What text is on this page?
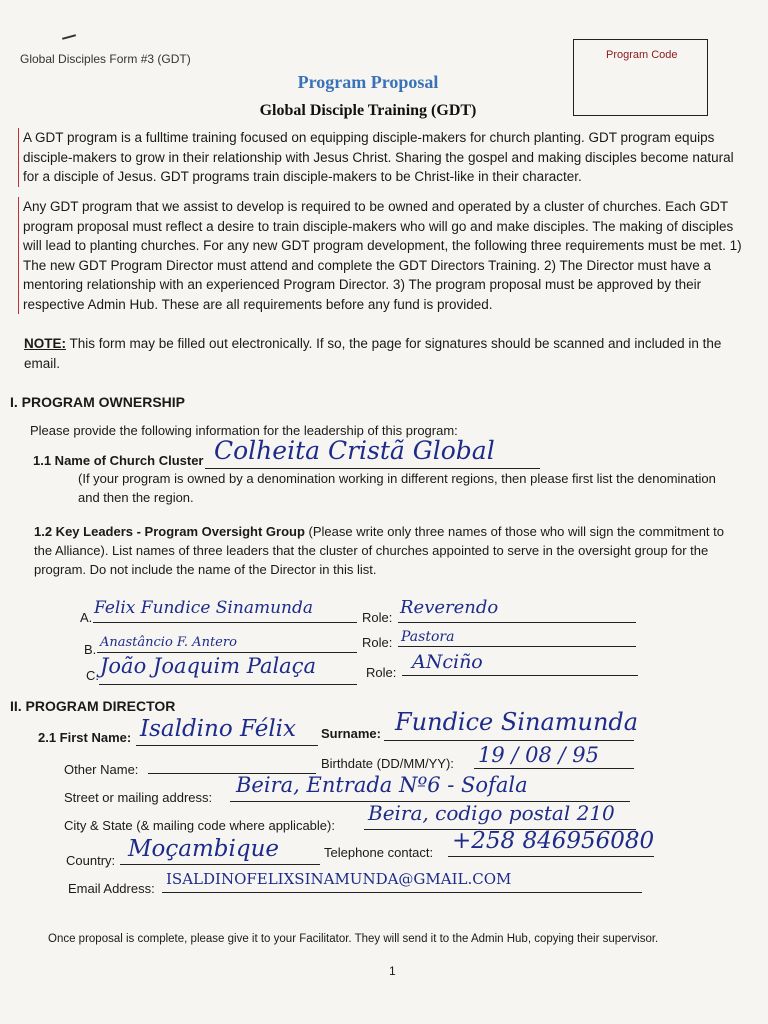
Global Disciples Form #3 (GDT)	Program Code
Program Proposal
Global Disciple Training (GDT)

A GDT program is a fulltime training focused on equipping disciple-makers for church planting. GDT program equips disciple-makers to grow in their relationship with Jesus Christ. Sharing the gospel and making disciples become natural for a disciple of Jesus. GDT programs train disciple-makers to be Christ-like in their character.

Any GDT program that we assist to develop is required to be owned and operated by a cluster of churches. Each GDT program proposal must reflect a desire to train disciple-makers who will go and make disciples. The making of disciples will lead to planting churches. For any new GDT program development, the following three requirements must be met. 1) The new GDT Program Director must attend and complete the GDT Directors Training. 2) The Director must have a mentoring relationship with an experienced Program Director. 3) The program proposal must be approved by their respective Admin Hub. These are all requirements before any fund is provided.

NOTE: This form may be filled out electronically. If so, the page for signatures should be scanned and included in the email.

I. PROGRAM OWNERSHIP
Please provide the following information for the leadership of this program:
1.1 Name of Church Cluster Colheita Cristã Global
(If your program is owned by a denomination working in different regions, then please first list the denomination and then the region.
1.2 Key Leaders - Program Oversight Group (Please write only three names of those who will sign the commitment to the Alliance). List names of three leaders that the cluster of churches appointed to serve in the oversight group for the program. Do not include the name of the Director in this list.
A. Felix Fundice Sinamunda	Role: Reverendo
B. Anastâncio F. Antero	Role: Pastora
C. João Joaquim Palaça	Role: ANciño
II. PROGRAM DIRECTOR
2.1 First Name: Isaldino Félix Surname: Fundice Sinamunda
Other Name:	Birthdate (DD/MM/YY): 19 / 08 / 95
Street or mailing address:
Beira, Entrada Nº6 - Sofala
City & State (& mailing code where applicable):
Beira, codigo postal 210
Country: Moçambique	Telephone contact: +258 846956080
Email Address:
ISALDINOFELIXSINAMUNDA@GMAIL.COM
Once proposal is complete, please give it to your Facilitator. They will send it to the Admin Hub, copying their supervisor.
1
